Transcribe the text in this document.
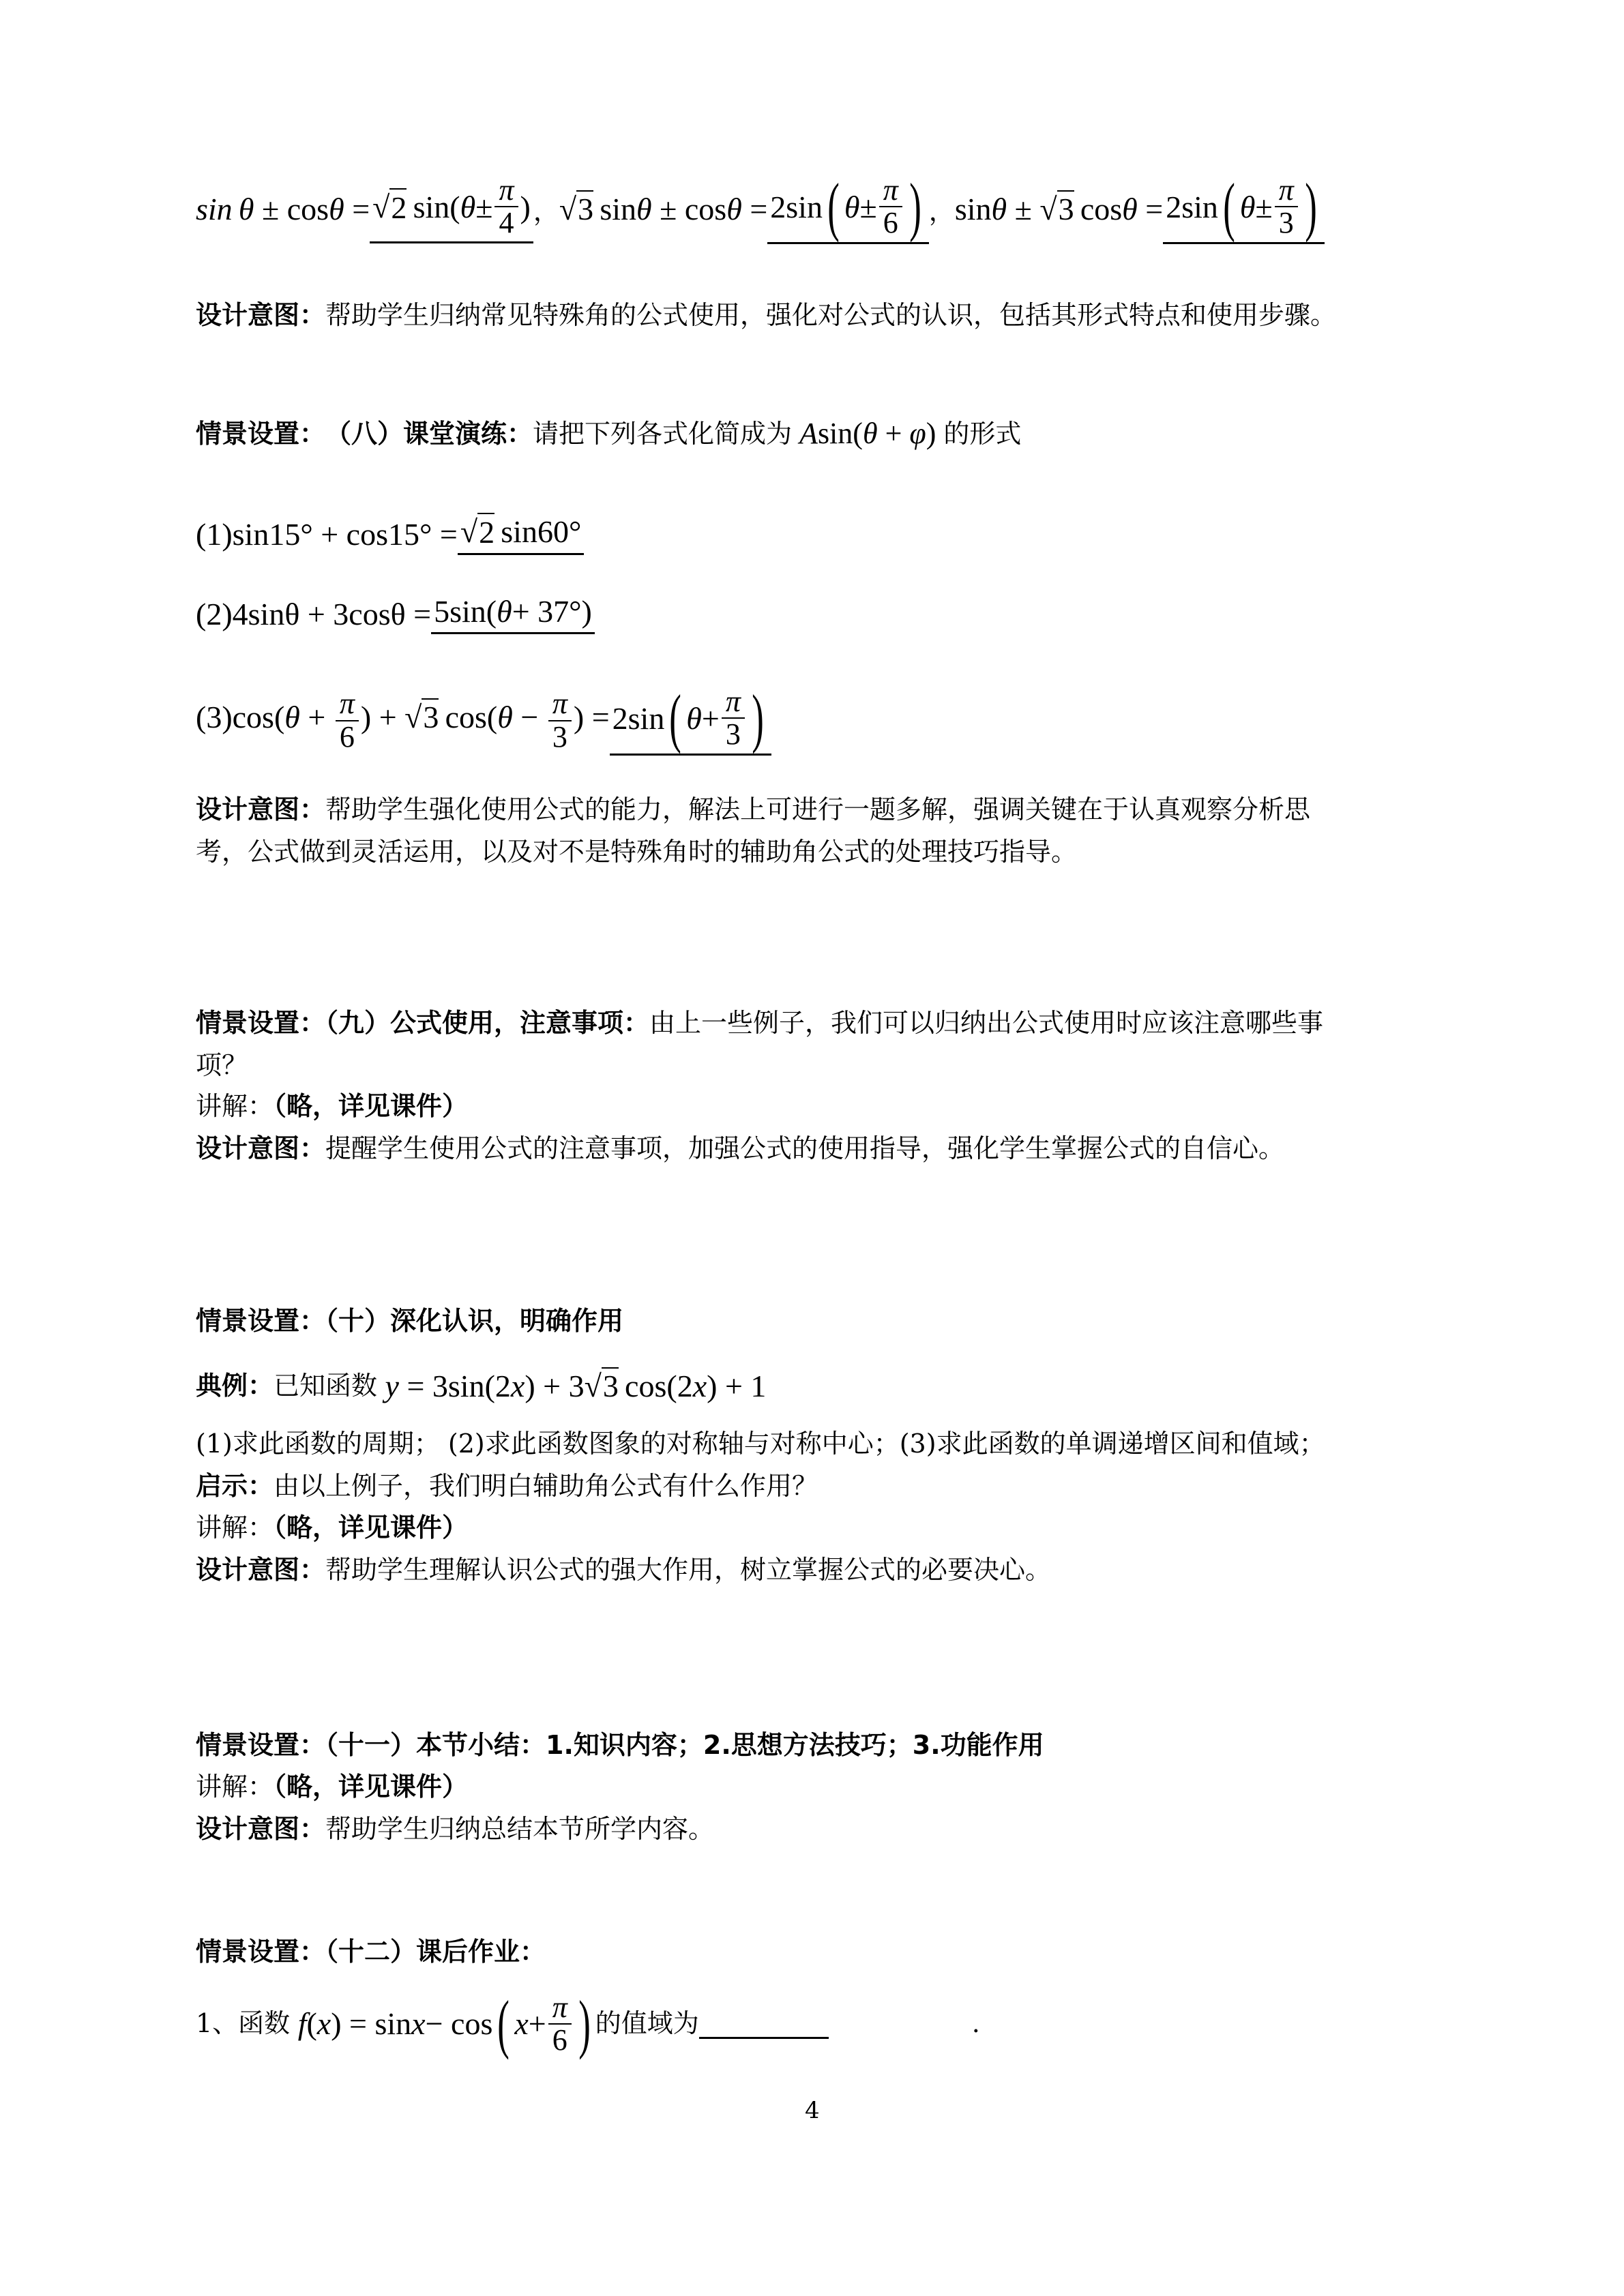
sin  θ ± cosθ = √ 2  sin( $\theta \pm \frac{\pi}{4}$ ) ， √3 sinθ ± cosθ = 2sin ( $\theta \pm \frac{\pi}{6}$ ) ， sinθ ± √3 cosθ = 2sin ( $\theta \pm \frac{\pi}{3}$ )
设计意图：帮助学生归纳常见特殊角的公式使用，强化对公式的认识，包括其形式特点和使用步骤。
情景设置： （八）课堂演练： 请把下列各式化简成为 Asin(θ + φ) 的形式
(1)sin15° + cos15° = √ 2  sin60°
(2)4sinθ + 3cosθ = 5sin( θ + 37°)
$(3)\cos(\theta + \frac{\pi}{6}$ ) + √3 $\cos(\theta - \frac{\pi}{3}$ ) = 2sin ( $\theta + \frac{\pi}{3}$ )
设计意图：帮助学生强化使用公式的能力，解法上可进行一题多解，强调关键在于认真观察分析思
考，公式做到灵活运用，以及对不是特殊角时的辅助角公式的处理技巧指导。
情景设置：（九）公式使用，注意事项：由上一些例子，我们可以归纳出公式使用时应该注意哪些事
项？
讲解：（略，详见课件）
设计意图：提醒学生使用公式的注意事项，加强公式的使用指导，强化学生掌握公式的自信心。
情景设置：（十）深化认识，明确作用
典例： 已知函数 y = 3sin(2x) + 3√3 cos(2x) + 1
(1)求此函数的周期； (2)求此函数图象的对称轴与对称中心；(3)求此函数的单调递增区间和值域；
启示：由以上例子，我们明白辅助角公式有什么作用？
讲解：（略，详见课件）
设计意图：帮助学生理解认识公式的强大作用，树立掌握公式的必要决心。
情景设置：（十一）本节小结：1.知识内容；2.思想方法技巧；3.功能作用
讲解：（略，详见课件）
设计意图：帮助学生归纳总结本节所学内容。
情景设置：（十二）课后作业：
1、函数
f ( x ) = sin x − cos ( $x + \frac{\pi}{6}$ ) 的值域为	.
4
